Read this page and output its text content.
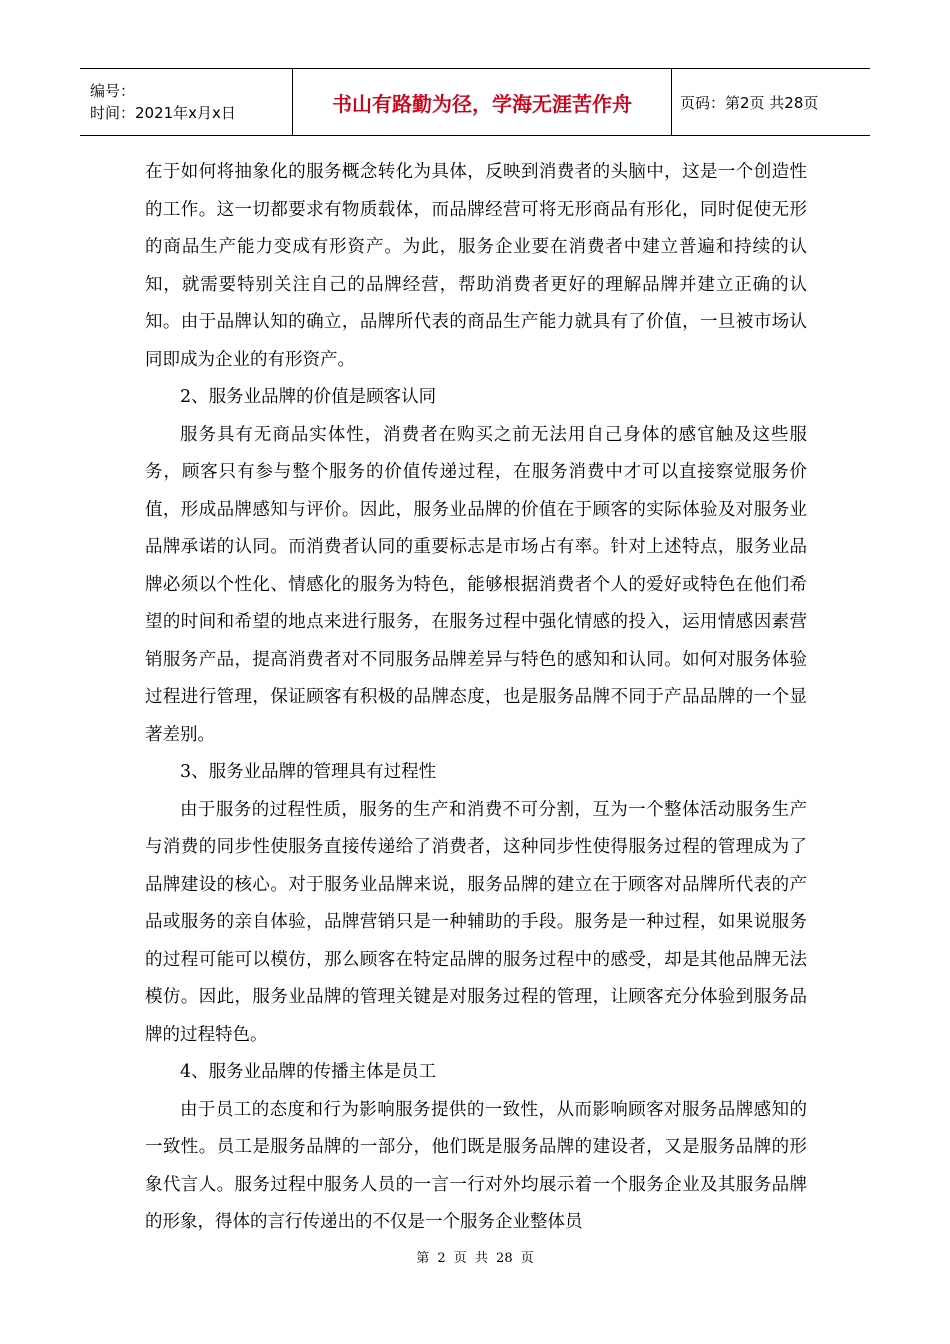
编号：
时间：2021年x月x日	书山有路勤为径，学海无涯苦作舟	页码：第2页 共28页

在于如何将抽象化的服务概念转化为具体，反映到消费者的头脑中，这是一个创造性的工作。这一切都要求有物质载体，而品牌经营可将无形商品有形化，同时促使无形的商品生产能力变成有形资产。为此，服务企业要在消费者中建立普遍和持续的认知，就需要特别关注自己的品牌经营，帮助消费者更好的理解品牌并建立正确的认知。由于品牌认知的确立，品牌所代表的商品生产能力就具有了价值，一旦被市场认同即成为企业的有形资产。

2、服务业品牌的价值是顾客认同

服务具有无商品实体性，消费者在购买之前无法用自己身体的感官触及这些服务，顾客只有参与整个服务的价值传递过程，在服务消费中才可以直接察觉服务价值，形成品牌感知与评价。因此，服务业品牌的价值在于顾客的实际体验及对服务业品牌承诺的认同。而消费者认同的重要标志是市场占有率。针对上述特点，服务业品牌必须以个性化、情感化的服务为特色，能够根据消费者个人的爱好或特色在他们希望的时间和希望的地点来进行服务，在服务过程中强化情感的投入，运用情感因素营销服务产品，提高消费者对不同服务品牌差异与特色的感知和认同。如何对服务体验过程进行管理，保证顾客有积极的品牌态度，也是服务品牌不同于产品品牌的一个显著差别。

3、服务业品牌的管理具有过程性

由于服务的过程性质，服务的生产和消费不可分割，互为一个整体活动服务生产与消费的同步性使服务直接传递给了消费者，这种同步性使得服务过程的管理成为了品牌建设的核心。对于服务业品牌来说，服务品牌的建立在于顾客对品牌所代表的产品或服务的亲自体验，品牌营销只是一种辅助的手段。服务是一种过程，如果说服务的过程可能可以模仿，那么顾客在特定品牌的服务过程中的感受，却是其他品牌无法模仿。因此，服务业品牌的管理关键是对服务过程的管理，让顾客充分体验到服务品牌的过程特色。

4、服务业品牌的传播主体是员工

由于员工的态度和行为影响服务提供的一致性，从而影响顾客对服务品牌感知的一致性。员工是服务品牌的一部分，他们既是服务品牌的建设者，又是服务品牌的形象代言人。服务过程中服务人员的一言一行对外均展示着一个服务企业及其服务品牌的形象，得体的言行传递出的不仅是一个服务企业整体员

第 2 页 共 28 页
